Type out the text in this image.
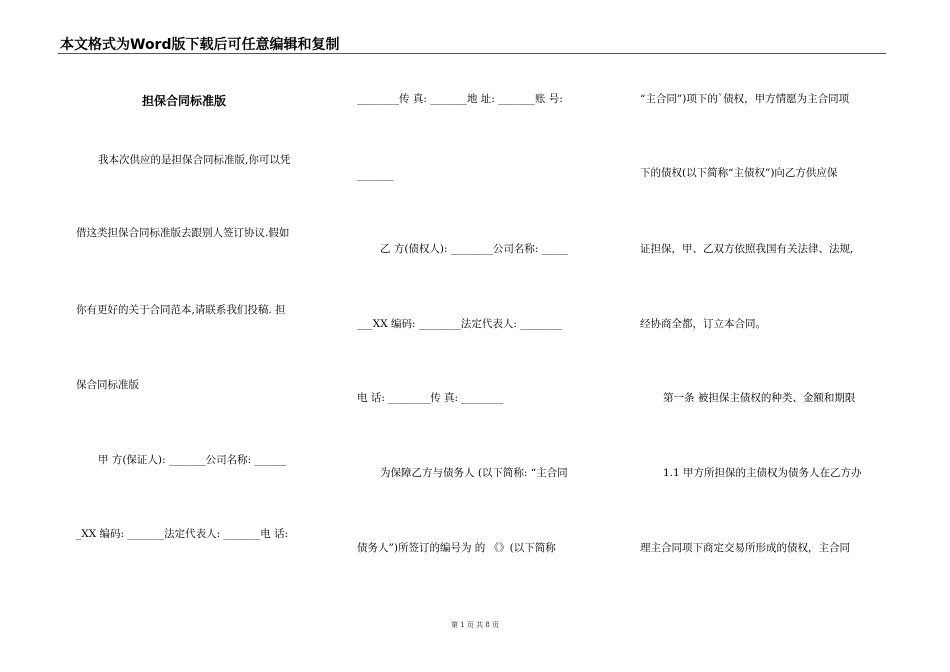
本文格式为Word版下载后可任意编辑和复制
担保合同标准版
我本次供应的是担保合同标准版,你可以凭
借这类担保合同标准版去跟别人签订协议.假如
你有更好的关于合同范本,请联系我们投稿. 担
保合同标准版
甲 方(保证人): _______公司名称: ______
_XX 编码: _______法定代表人: _______电 话:
________传 真: _______地 址: _______账 号:
_______
乙 方(债权人): ________公司名称: _____
___XX 编码: ________法定代表人: ________
电 话: ________传 真: ________
为保障乙方与债务人 (以下简称: “主合同
债务人”)所签订的编号为 的 《》(以下简称
“主合同”)项下的`债权，甲方情愿为主合同项
下的债权(以下简称“主债权”)向乙方供应保
证担保，甲、乙双方依照我国有关法律、法规,
经协商全都，订立本合同。
第一条 被担保主债权的种类、金额和期限
1.1 甲方所担保的主债权为债务人在乙方办
理主合同项下商定交易所形成的债权，主合同
第 1 页 共 8 页
